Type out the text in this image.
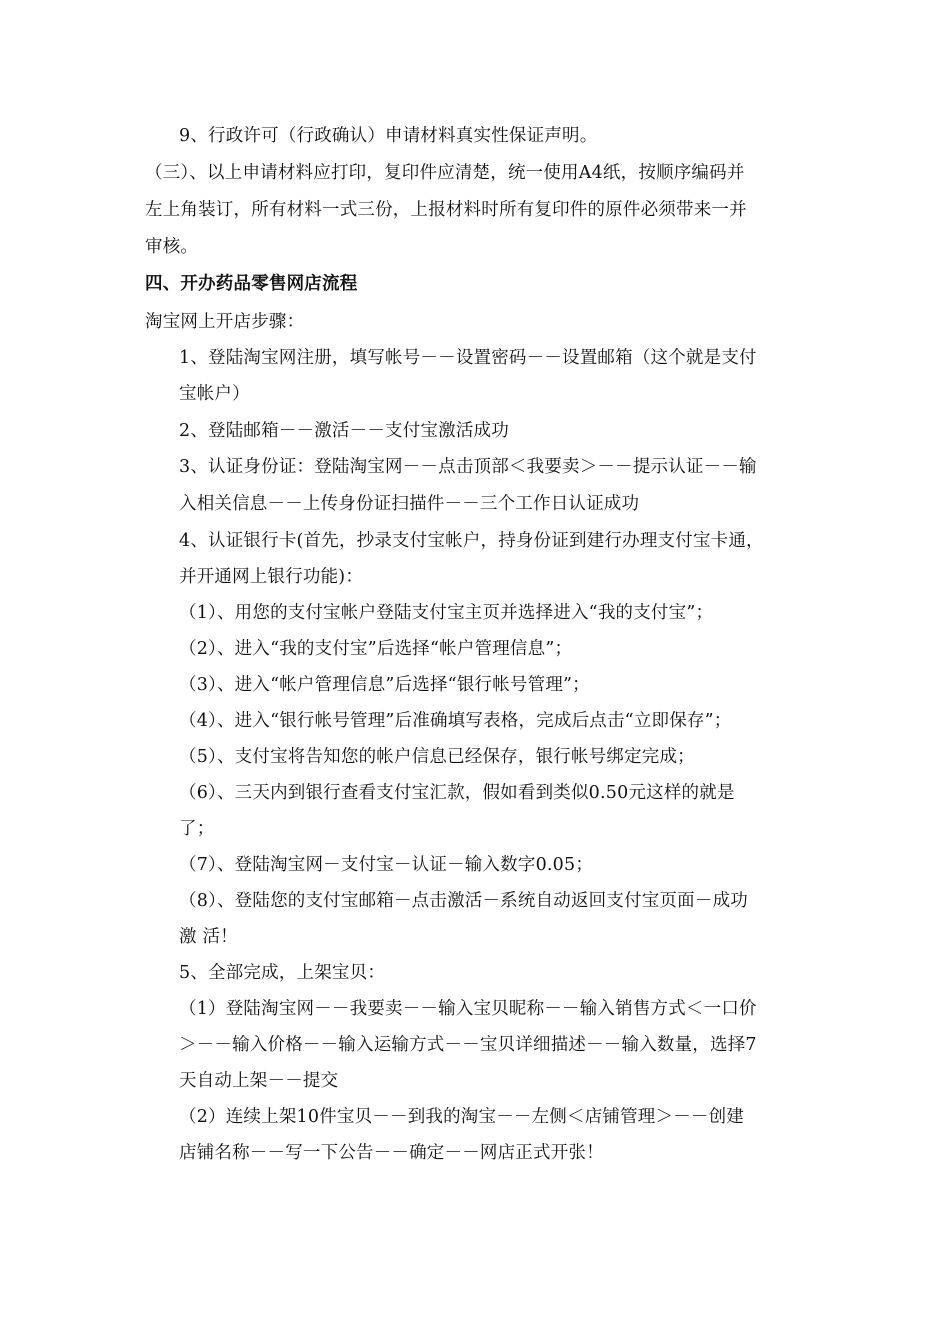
9、行政许可（行政确认）申请材料真实性保证声明。
（三）、以上申请材料应打印，复印件应清楚，统一使用A4纸，按顺序编码并
左上角装订，所有材料一式三份，上报材料时所有复印件的原件必须带来一并
审核。
四、开办药品零售网店流程
淘宝网上开店步骤：
1、登陆淘宝网注册，填写帐号－－设置密码－－设置邮箱（这个就是支付
宝帐户）
2、登陆邮箱－－激活－－支付宝激活成功
3、认证身份证：登陆淘宝网－－点击顶部＜我要卖＞－－提示认证－－输
入相关信息－－上传身份证扫描件－－三个工作日认证成功
4、认证银行卡(首先，抄录支付宝帐户，持身份证到建行办理支付宝卡通，
并开通网上银行功能)：
（1）、用您的支付宝帐户登陆支付宝主页并选择进入“我的支付宝”；
（2）、进入“我的支付宝”后选择“帐户管理信息”；
（3）、进入“帐户管理信息”后选择“银行帐号管理”；
（4）、进入“银行帐号管理”后准确填写表格，完成后点击“立即保存”；
（5）、支付宝将告知您的帐户信息已经保存，银行帐号绑定完成；
（6）、三天内到银行查看支付宝汇款，假如看到类似0.50元这样的就是
了；
（7）、登陆淘宝网－支付宝－认证－输入数字0.05；
（8）、登陆您的支付宝邮箱－点击激活－系统自动返回支付宝页面－成功
激 活！
5、全部完成，上架宝贝：
（1）登陆淘宝网－－我要卖－－输入宝贝昵称－－输入销售方式＜一口价
＞－－输入价格－－输入运输方式－－宝贝详细描述－－输入数量，选择7
天自动上架－－提交
（2）连续上架10件宝贝－－到我的淘宝－－左侧＜店铺管理＞－－创建
店铺名称－－写一下公告－－确定－－网店正式开张！
